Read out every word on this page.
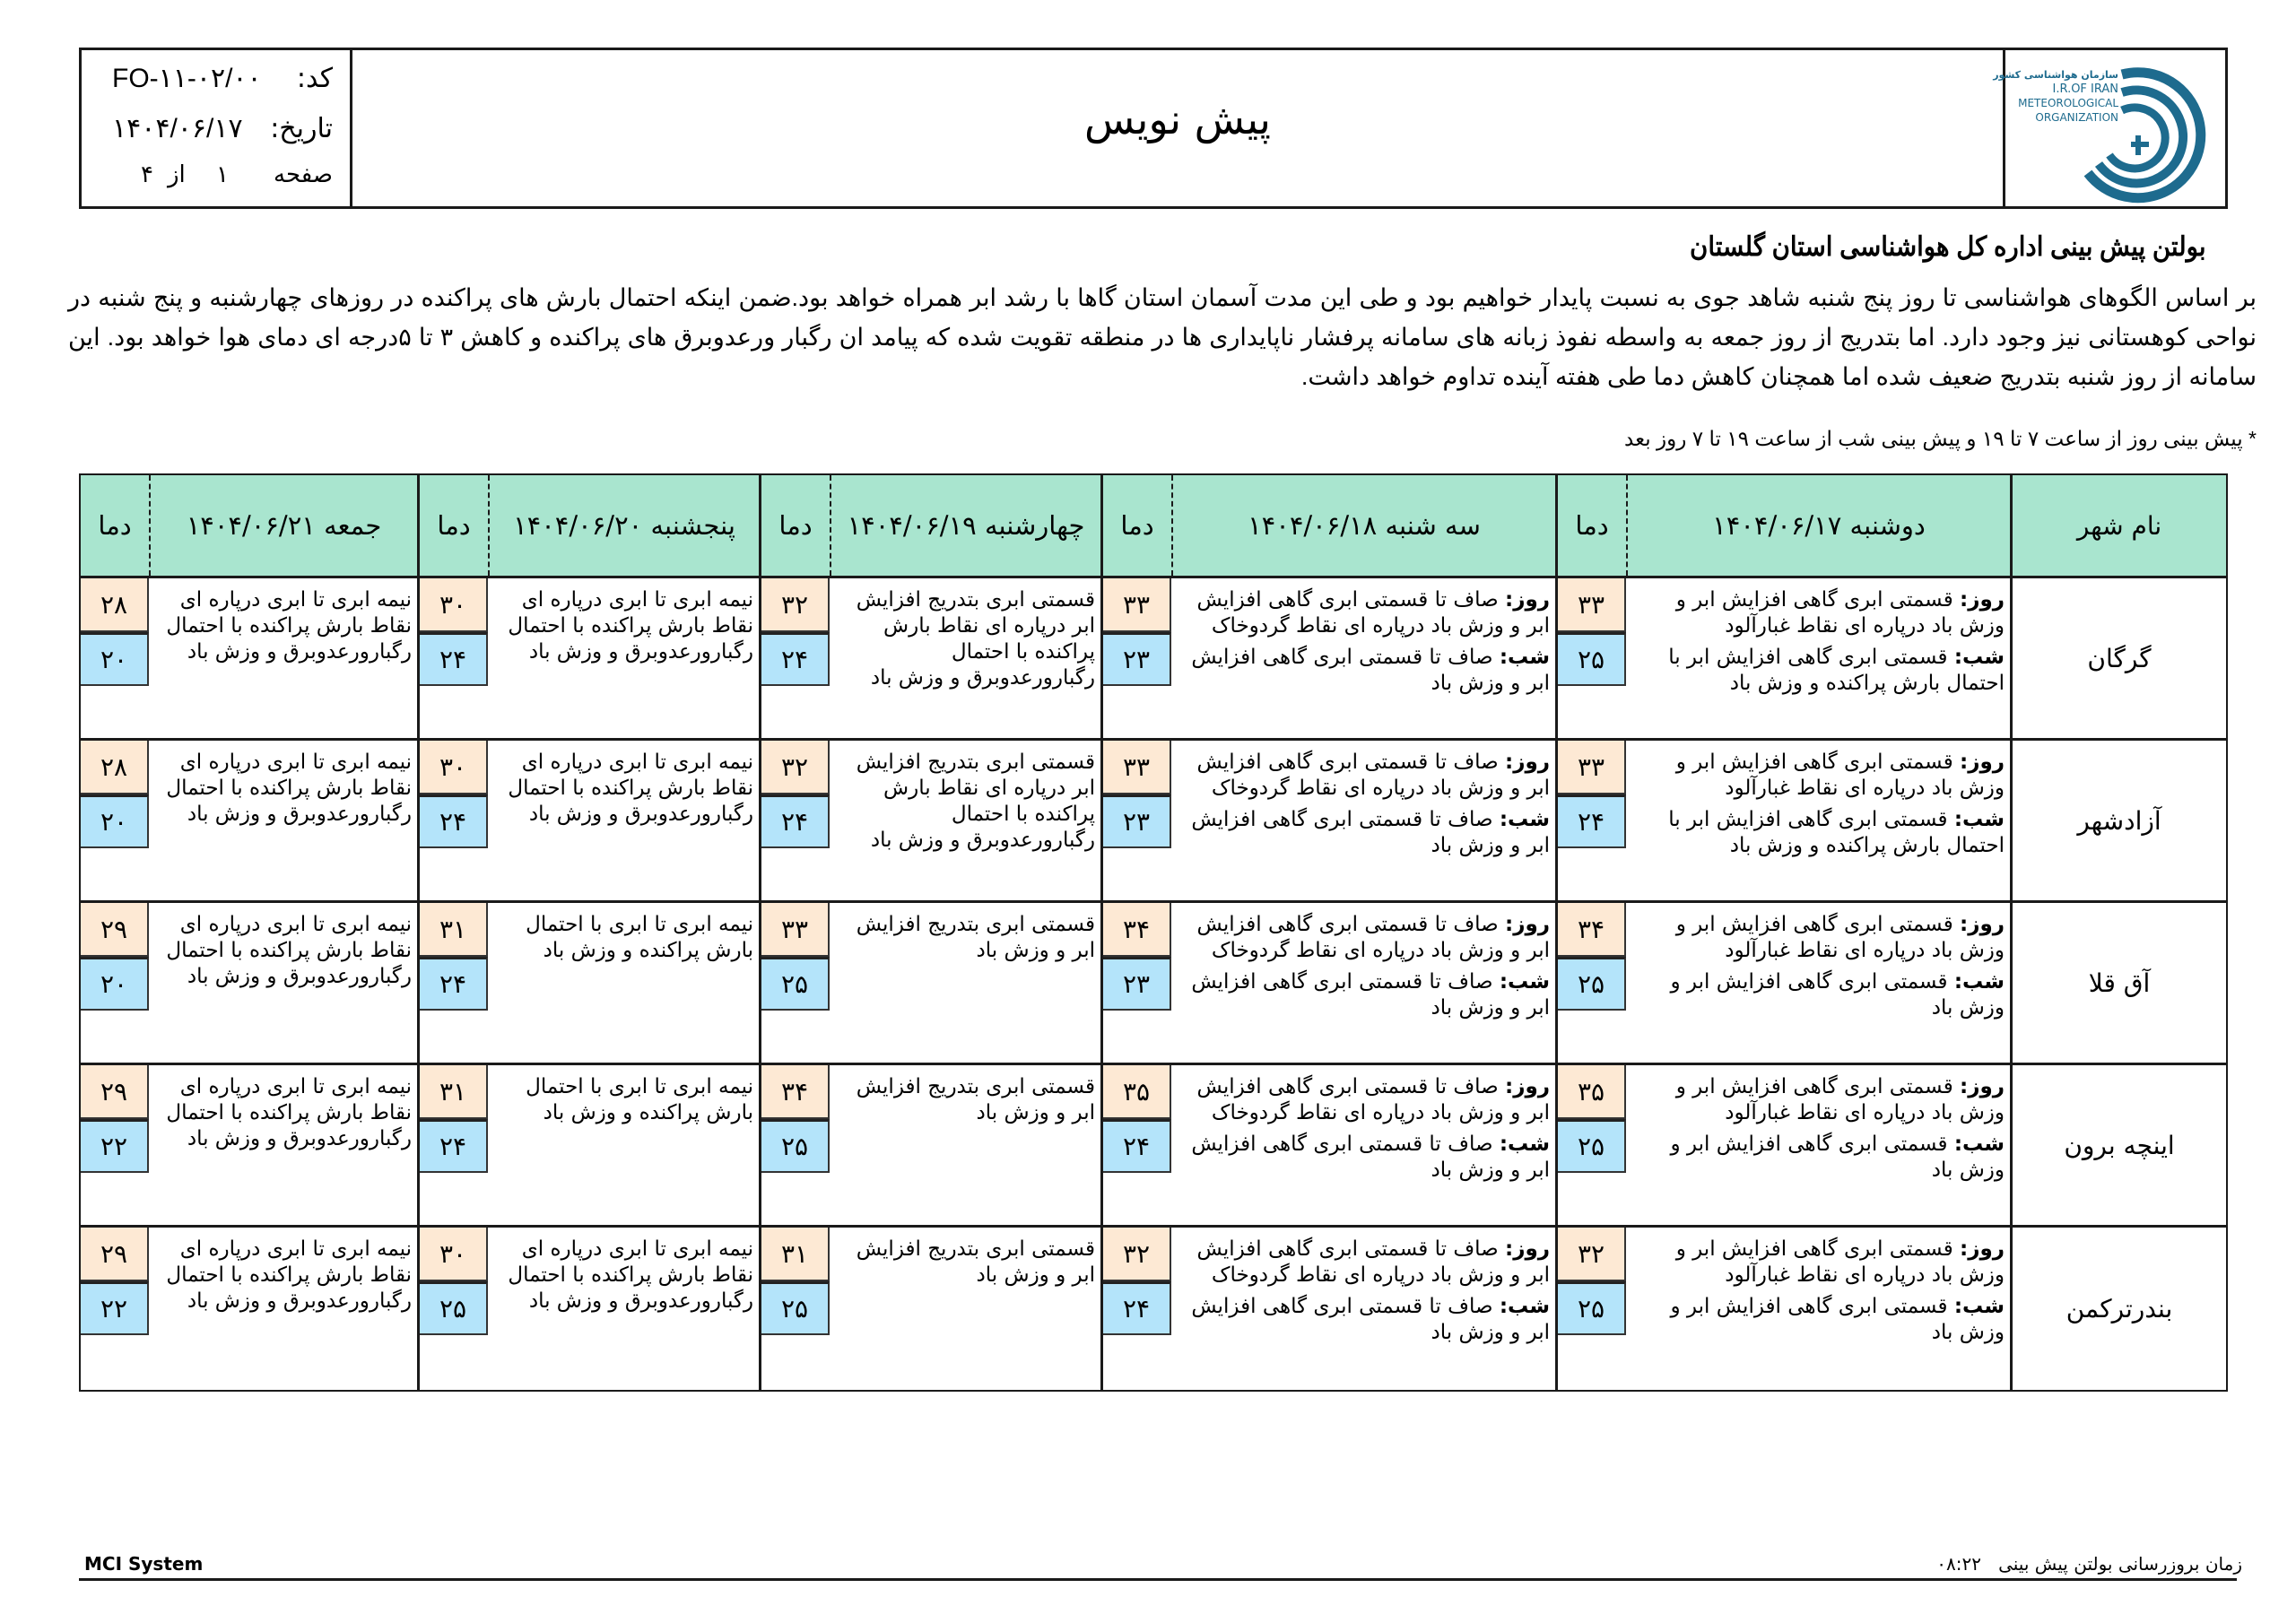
کد:
FO-۱۱-۰۲/۰۰
تاریخ:
۱۴۰۴/۰۶/۱۷
صفحه
۱
از
۴
پیش نویس
سازمان هواشناسی کشور
I.R.OF IRAN
METEOROLOGICAL
ORGANIZATION
بولتن پیش بینی اداره کل هواشناسی استان گلستان
بر اساس الگوهای هواشناسی تا روز پنج شنبه شاهد جوی به نسبت پایدار خواهیم بود و طی این مدت آسمان استان گاها با رشد ابر همراه خواهد بود.ضمن اینکه احتمال بارش های پراکنده در روزهای چهارشنبه و پنج شنبه در نواحی کوهستانی نیز وجود دارد. اما بتدریج از روز جمعه به واسطه نفوذ زبانه های سامانه پرفشار ناپایداری ها در منطقه تقویت شده که پیامد ان رگبار ورعدوبرق های پراکنده و کاهش ۳ تا ۵درجه ای دمای هوا خواهد بود. این سامانه از روز شنبه بتدریج ضعیف شده اما همچنان کاهش دما طی هفته آینده تداوم خواهد داشت.
* پیش بینی روز از ساعت ۷ تا ۱۹ و پیش بینی شب از ساعت ۱۹ تا ۷ روز بعد
نام شهر
دوشنبه ۱۴۰۴/۰۶/۱۷
دما
سه شنبه ۱۴۰۴/۰۶/۱۸
دما
چهارشنبه ۱۴۰۴/۰۶/۱۹
دما
پنجشنبه ۱۴۰۴/۰۶/۲۰
دما
جمعه ۱۴۰۴/۰۶/۲۱
دما
گرگان

روز: قسمتی ابری گاهی افزایش ابر و وزش باد درپاره ای نقاط غبارآلود

شب: قسمتی ابری گاهی افزایش ابر با احتمال بارش پراکنده و وزش باد

۳۳
۲۵

روز: صاف تا قسمتی ابری گاهی افزایش ابر و وزش باد درپاره ای نقاط گردوخاک

شب: صاف تا قسمتی ابری گاهی افزایش ابر و وزش باد

۳۳
۲۳
قسمتی ابری بتدریج افزایش ابر درپاره ای نقاط بارش پراکنده با احتمال رگبارورعدوبرق و وزش باد
۳۲
۲۴
نیمه ابری تا ابری درپاره ای نقاط بارش پراکنده با احتمال رگبارورعدوبرق و وزش باد
۳۰
۲۴
نیمه ابری تا ابری درپاره ای نقاط بارش پراکنده با احتمال رگبارورعدوبرق و وزش باد
۲۸
۲۰
آزادشهر

روز: قسمتی ابری گاهی افزایش ابر و وزش باد درپاره ای نقاط غبارآلود

شب: قسمتی ابری گاهی افزایش ابر با احتمال بارش پراکنده و وزش باد

۳۳
۲۴

روز: صاف تا قسمتی ابری گاهی افزایش ابر و وزش باد درپاره ای نقاط گردوخاک

شب: صاف تا قسمتی ابری گاهی افزایش ابر و وزش باد

۳۳
۲۳
قسمتی ابری بتدریج افزایش ابر درپاره ای نقاط بارش پراکنده با احتمال رگبارورعدوبرق و وزش باد
۳۲
۲۴
نیمه ابری تا ابری درپاره ای نقاط بارش پراکنده با احتمال رگبارورعدوبرق و وزش باد
۳۰
۲۴
نیمه ابری تا ابری درپاره ای نقاط بارش پراکنده با احتمال رگبارورعدوبرق و وزش باد
۲۸
۲۰
آق قلا

روز: قسمتی ابری گاهی افزایش ابر و وزش باد درپاره ای نقاط غبارآلود

شب: قسمتی ابری گاهی افزایش ابر و وزش باد

۳۴
۲۵

روز: صاف تا قسمتی ابری گاهی افزایش ابر و وزش باد درپاره ای نقاط گردوخاک

شب: صاف تا قسمتی ابری گاهی افزایش ابر و وزش باد

۳۴
۲۳
قسمتی ابری بتدریج افزایش ابر و وزش باد
۳۳
۲۵
نیمه ابری تا ابری با احتمال بارش پراکنده و وزش باد
۳۱
۲۴
نیمه ابری تا ابری درپاره ای نقاط بارش پراکنده با احتمال رگبارورعدوبرق و وزش باد
۲۹
۲۰
اینچه برون

روز: قسمتی ابری گاهی افزایش ابر و وزش باد درپاره ای نقاط غبارآلود

شب: قسمتی ابری گاهی افزایش ابر و وزش باد

۳۵
۲۵

روز: صاف تا قسمتی ابری گاهی افزایش ابر و وزش باد درپاره ای نقاط گردوخاک

شب: صاف تا قسمتی ابری گاهی افزایش ابر و وزش باد

۳۵
۲۴
قسمتی ابری بتدریج افزایش ابر و وزش باد
۳۴
۲۵
نیمه ابری تا ابری با احتمال بارش پراکنده و وزش باد
۳۱
۲۴
نیمه ابری تا ابری درپاره ای نقاط بارش پراکنده با احتمال رگبارورعدوبرق و وزش باد
۲۹
۲۲
بندرترکمن

روز: قسمتی ابری گاهی افزایش ابر و وزش باد درپاره ای نقاط غبارآلود

شب: قسمتی ابری گاهی افزایش ابر و وزش باد

۳۲
۲۵

روز: صاف تا قسمتی ابری گاهی افزایش ابر و وزش باد درپاره ای نقاط گردوخاک

شب: صاف تا قسمتی ابری گاهی افزایش ابر و وزش باد

۳۲
۲۴
قسمتی ابری بتدریج افزایش ابر و وزش باد
۳۱
۲۵
نیمه ابری تا ابری درپاره ای نقاط بارش پراکنده با احتمال رگبارورعدوبرق و وزش باد
۳۰
۲۵
نیمه ابری تا ابری درپاره ای نقاط بارش پراکنده با احتمال رگبارورعدوبرق و وزش باد
۲۹
۲۲
MCI System	زمان بروزرسانی بولتن پیش بینی   ۰۸:۲۲
